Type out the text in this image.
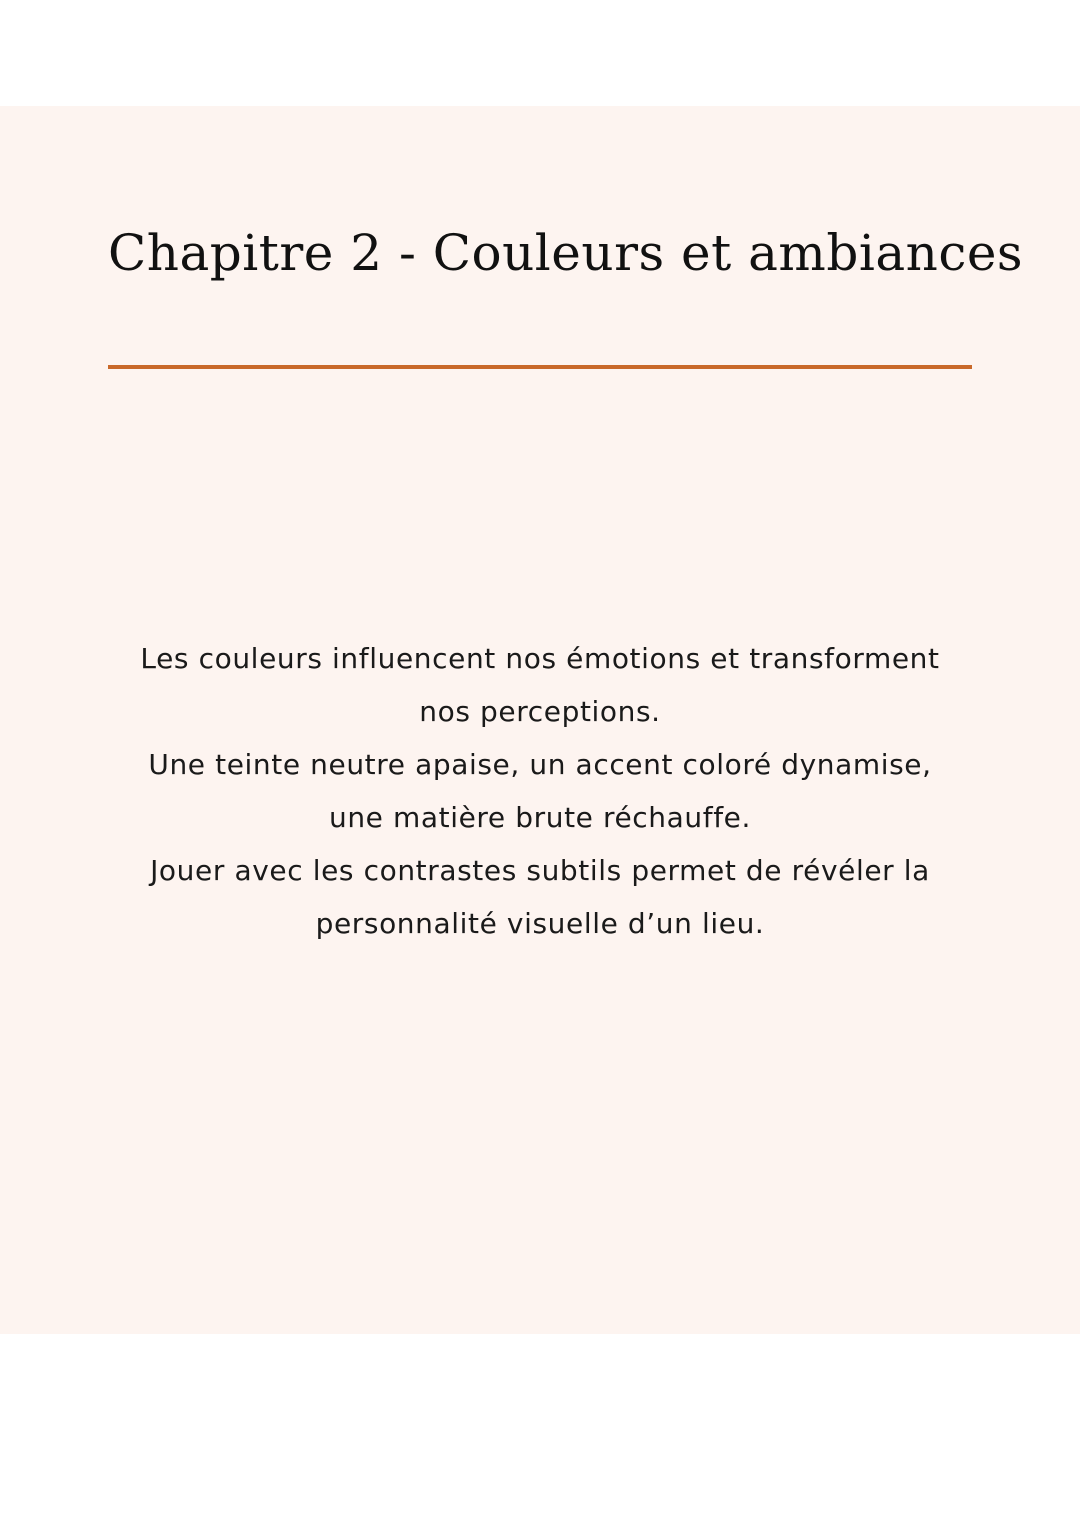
Chapitre 2 - Couleurs et ambiances
Les couleurs influencent nos émotions et transforment
nos perceptions.
Une teinte neutre apaise, un accent coloré dynamise,
une matière brute réchauffe.
Jouer avec les contrastes subtils permet de révéler la
personnalité visuelle d’un lieu.
